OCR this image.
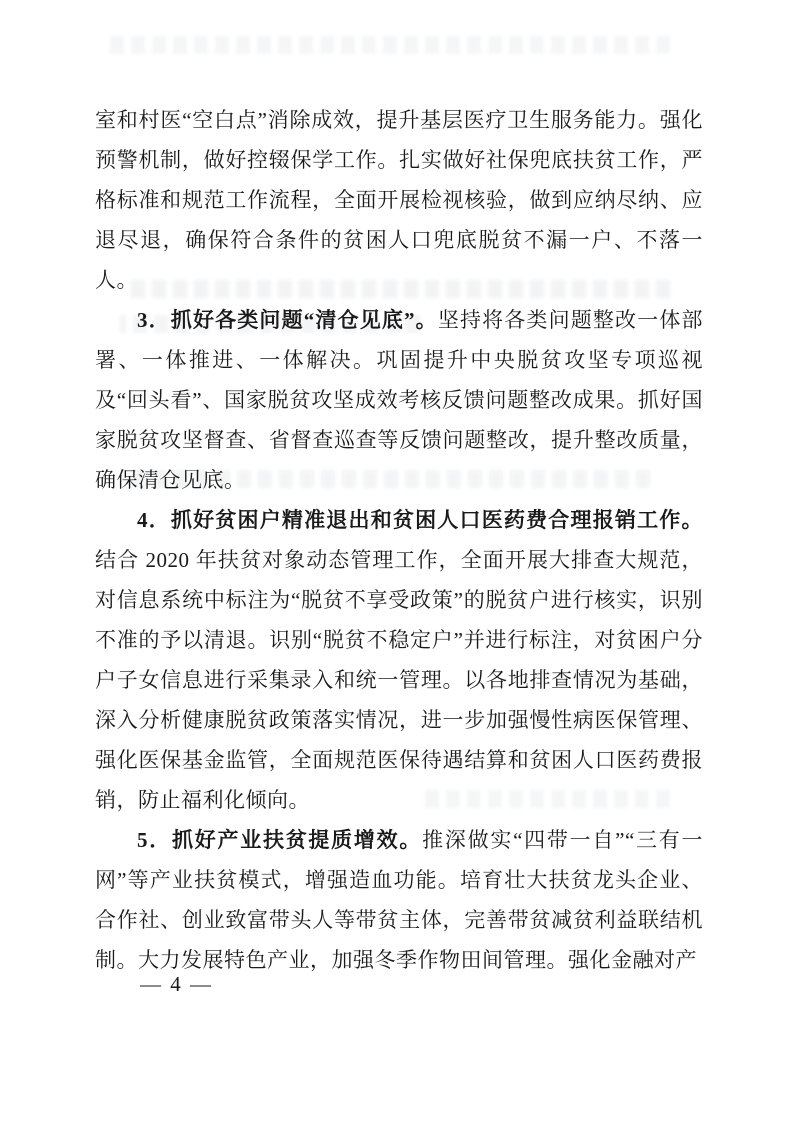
室和村医“空白点”消除成效，提升基层医疗卫生服务能力。强化预警机制，做好控辍保学工作。扎实做好社保兜底扶贫工作，严格标准和规范工作流程，全面开展检视核验，做到应纳尽纳、应退尽退，确保符合条件的贫困人口兜底脱贫不漏一户、不落一人。

3．抓好各类问题“清仓见底”。坚持将各类问题整改一体部署、一体推进、一体解决。巩固提升中央脱贫攻坚专项巡视及“回头看”、国家脱贫攻坚成效考核反馈问题整改成果。抓好国家脱贫攻坚督查、省督查巡查等反馈问题整改，提升整改质量，确保清仓见底。

4．抓好贫困户精准退出和贫困人口医药费合理报销工作。结合 2020 年扶贫对象动态管理工作，全面开展大排查大规范，对信息系统中标注为“脱贫不享受政策”的脱贫户进行核实，识别不准的予以清退。识别“脱贫不稳定户”并进行标注，对贫困户分户子女信息进行采集录入和统一管理。以各地排查情况为基础，深入分析健康脱贫政策落实情况，进一步加强慢性病医保管理、强化医保基金监管，全面规范医保待遇结算和贫困人口医药费报销，防止福利化倾向。

5．抓好产业扶贫提质增效。推深做实“四带一自”“三有一网”等产业扶贫模式，增强造血功能。培育壮大扶贫龙头企业、合作社、创业致富带头人等带贫主体，完善带贫减贫利益联结机制。大力发展特色产业，加强冬季作物田间管理。强化金融对产

— 4 —
